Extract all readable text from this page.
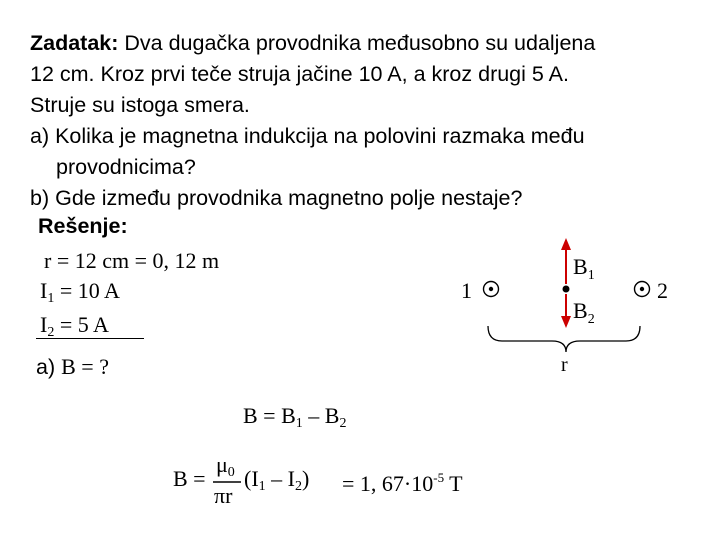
Zadatak: Dva dugačka provodnika međusobno su udaljena
12 cm. Kroz prvi teče struja jačine 10 A, a kroz drugi 5 A.
Struje su istoga smera.
a) Kolika je magnetna indukcija na polovini razmaka među
provodnicima?
b) Gde između provodnika magnetno polje nestaje?
Rešenje:
r = 12 cm = 0, 12 m
$I_1 = 10$ A
$I_2 = 5$ A
a) B = ?
$B = B_1 - B_2$
B =
$\mu_0$
πr
$(I_1 - I_2) = 1$, $67\cdot 10^{-5}$ T
1	2
$B_1$
$B_2$
r
